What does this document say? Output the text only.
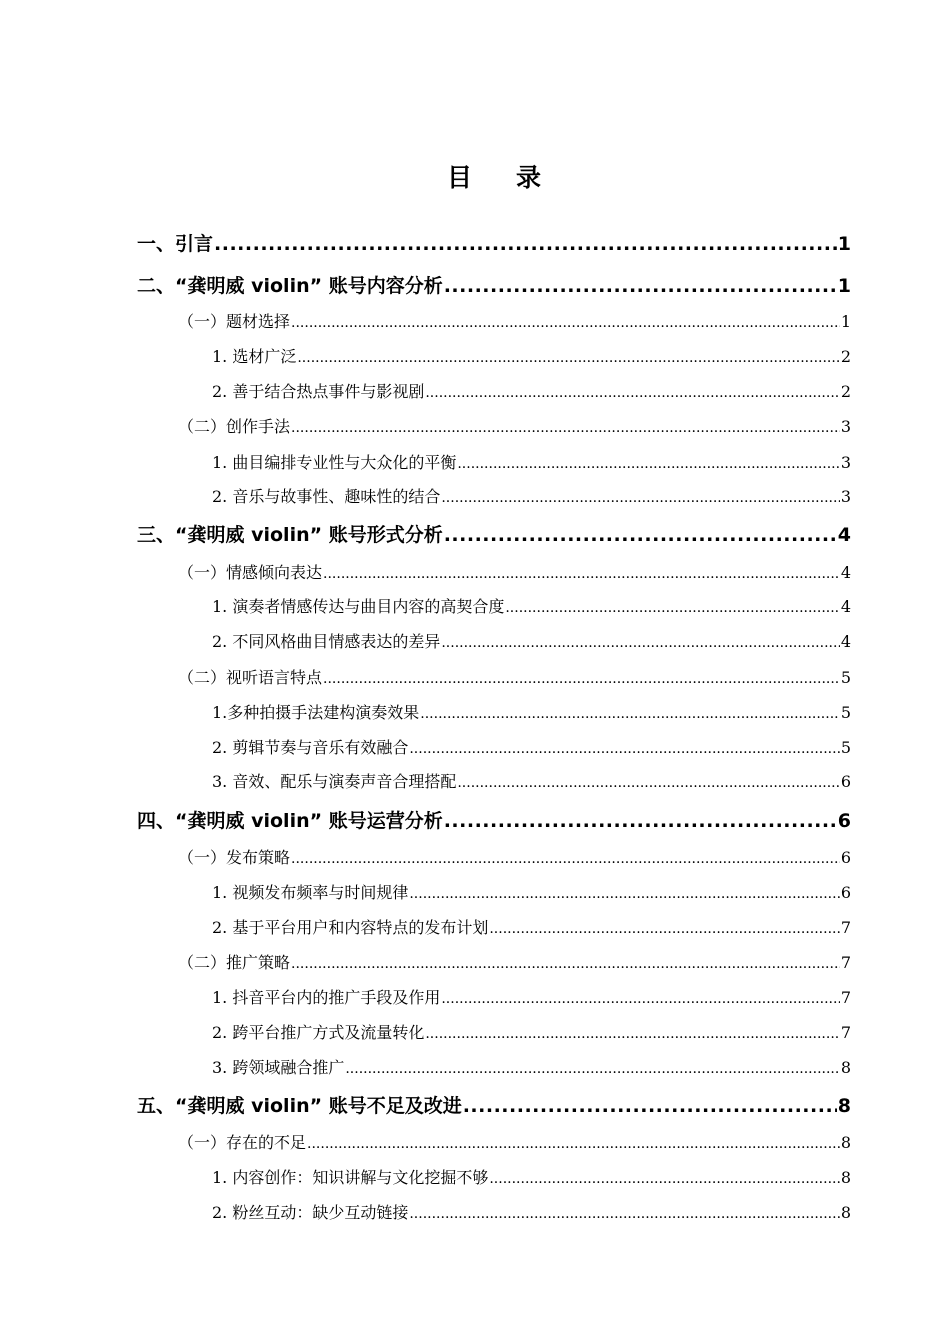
目 录
一、引言 .....	1
二、“龚明威 violin” 账号内容分析 .....	1
（一）题材选择 .....	1
1. 选材广泛 .....	2
2. 善于结合热点事件与影视剧 .....	2
（二）创作手法 .....	3
1. 曲目编排专业性与大众化的平衡 .....	3
2. 音乐与故事性、趣味性的结合 .....	3
三、“龚明威 violin” 账号形式分析 .....	4
（一）情感倾向表达 .....	4
1. 演奏者情感传达与曲目内容的高契合度 .....	4
2. 不同风格曲目情感表达的差异 .....	4
（二）视听语言特点 .....	5
1.多种拍摄手法建构演奏效果 .....	5
2. 剪辑节奏与音乐有效融合 .....	5
3. 音效、配乐与演奏声音合理搭配 .....	6
四、“龚明威 violin” 账号运营分析 .....	6
（一）发布策略 .....	6
1. 视频发布频率与时间规律 .....	6
2. 基于平台用户和内容特点的发布计划 .....	7
（二）推广策略 .....	7
1. 抖音平台内的推广手段及作用 .....	7
2. 跨平台推广方式及流量转化 .....	7
3. 跨领域融合推广 .....	8
五、“龚明威 violin” 账号不足及改进 .....	8
（一）存在的不足 .....	8
1. 内容创作：知识讲解与文化挖掘不够 .....	8
2. 粉丝互动：缺少互动链接 .....	8
